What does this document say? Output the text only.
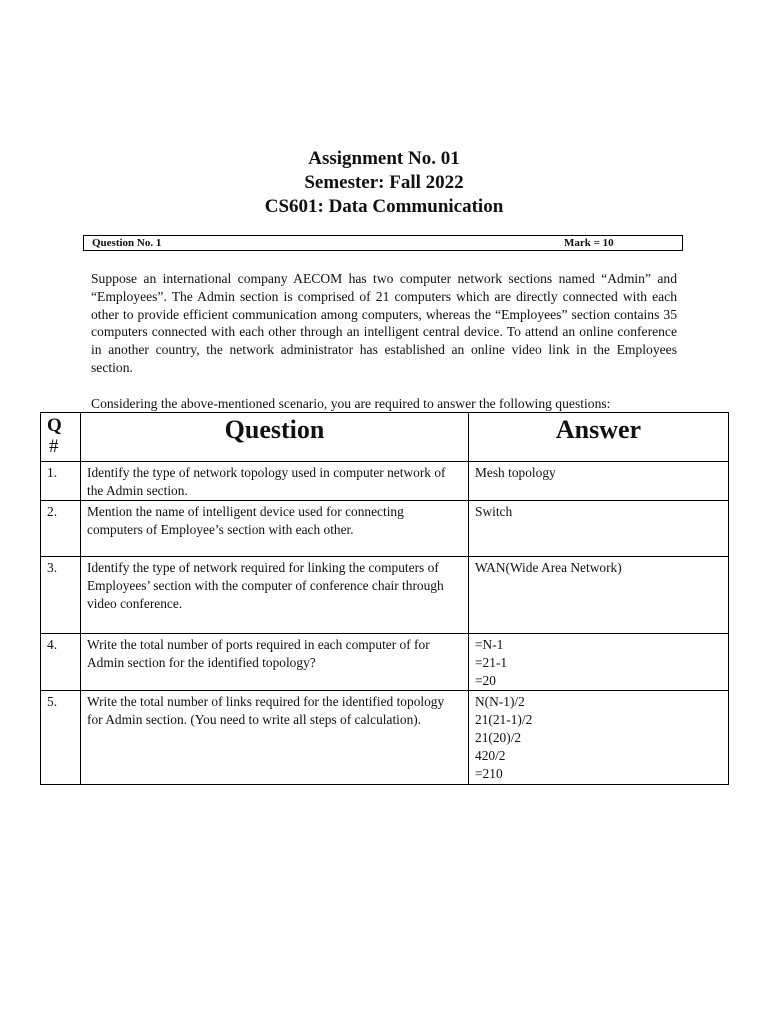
Assignment No. 01
Semester: Fall 2022
CS601: Data Communication
Question No. 1	Mark = 10
Suppose an international company AECOM has two computer network sections named “Admin” and “Employees”. The Admin section is comprised of 21 computers which are directly connected with each other to provide efficient communication among computers, whereas the “Employees” section contains 35 computers connected with each other through an intelligent central device. To attend an online conference in another country, the network administrator has established an online video link in the Employees section.
Considering the above-mentioned scenario, you are required to answer the following questions:
Q
#	Question	Answer
1.	Identify the type of network topology used in computer network of the Admin section.	Mesh topology

2.	Mention the name of intelligent device used for connecting computers of Employee’s section with each other.	Switch

3.	Identify the type of network required for linking the computers of Employees’ section with the computer of conference chair through video conference.	WAN(Wide Area Network)

4.	Write the total number of ports required in each computer of for Admin section for the identified topology?	=N-1
=21-1
=20

5.	Write the total number of links required for the identified topology for Admin section. (You need to write all steps of calculation).	N(N-1)/2
21(21-1)/2
21(20)/2
420/2
=210
